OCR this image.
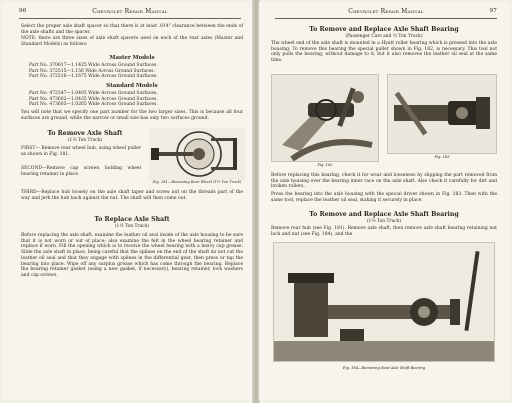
96	Chevrolet Repair Manual

Select the proper axle shaft spacer so that there is at least .014" clearance between the ends of the axle shafts and the spacer.

NOTE: there are three sizes of axle shaft spacers used on each of the rear axles (Master and Standard Models) as follows:

Master Models
Part No. 370617—1.1425 Wide Across Ground Surfaces.
Part No. 372515—1.156 Wide Across Ground Surfaces.
Part No. 372516—1.1675 Wide Across Ground Surfaces.
Standard Models
Part No. 472547—1.0405 Wide Across Ground Surfaces.
Part No. 473602—1.0435 Wide Across Ground Surfaces.
Part No. 473603—1.0265 Wide Across Ground Surfaces.

You will note that we specify one part number for the two larger sizes. This is because all four surfaces are ground, while the narrow or small size has only two surfaces ground.

To Remove Axle Shaft
(1½ Ton Truck)

FIRST— Remove rear wheel hub, using wheel puller as shown in Fig. 181.

SECOND—Remove cap screws holding wheel bearing retainer in place.

Fig. 181—Removing Rear Wheel (1½ Ton Truck)

THIRD—Replace hub loosely on the axle shaft taper and screw nut on the threads part of the way and jerk the hub back against the nut. The shaft will then come out.

To Replace Axle Shaft
(1½ Ton Truck)

Before replacing the axle shaft, examine the leather oil seal inside of the axle housing to be sure that it is not worn or out of place; also examine the felt in the wheel bearing retainer and replace if worn. Fill the opening which is to receive the wheel bearing with a heavy cup grease. Slide the axle shaft in place, being careful that the splines on the end of the shaft do not cut the leather oil seal and that they engage with splines in the differential gear, then press or tap the bearing into place. Wipe off any surplus grease which has come through the bearing. Replace the bearing retainer gasket (using a new gasket, if necessary), bearing retainer, lock washers and cap screws.

Chevrolet Repair Manual	97
To Remove and Replace Axle Shaft Bearing
(Passenger Cars and ½ Ton Truck)

The wheel end of the axle shaft is mounted in a Hyatt roller bearing which is pressed into the axle housing. To remove this bearing the special puller shown in Fig. 182, is necessary. This tool not only pulls the bearing, without damage to it, but it also removes the leather oil seal at the same time.

Fig. 182
Fig. 183

Before replacing this bearing, check it for wear and looseness by slipping the part removed from the axle housing over the bearing inner race on the axle shaft. Also check it carefully for dirt and broken rollers.

Press the bearing into the axle housing with the special driver shown in Fig. 183. Then with the same tool, replace the leather oil seal, staking it securely in place.

To Remove and Replace Axle Shaft Bearing
(1½ Ton Truck)

Remove rear hub (see Fig. 181). Remove axle shaft, then remove axle shaft bearing retaining nut lock and nut (see Fig. 184), and the

Fig. 184—Removing Rear Axle Shaft Bearing
